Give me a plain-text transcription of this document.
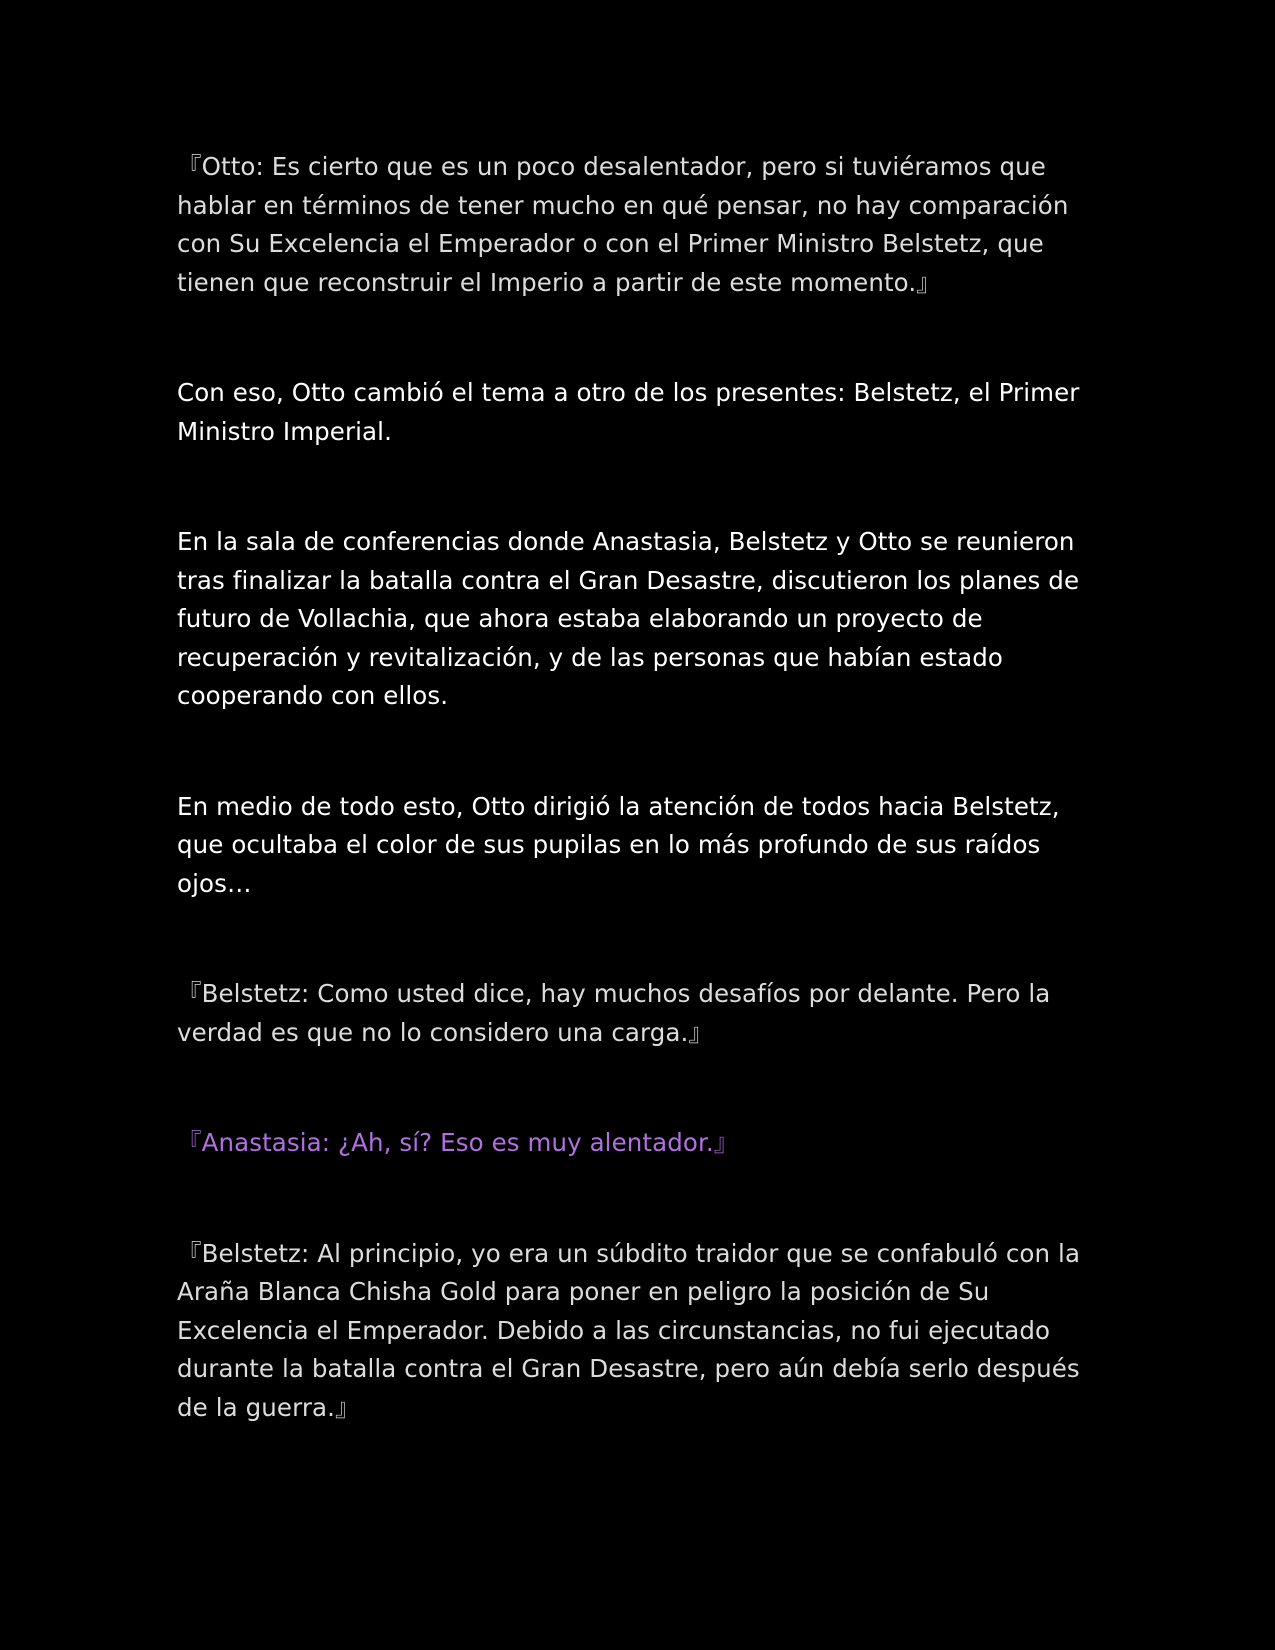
『Otto: Es cierto que es un poco desalentador, pero si tuviéramos que hablar en términos de tener mucho en qué pensar, no hay comparación con Su Excelencia el Emperador o con el Primer Ministro Belstetz, que tienen que reconstruir el Imperio a partir de este momento.』

Con eso, Otto cambió el tema a otro de los presentes: Belstetz, el Primer Ministro Imperial.

En la sala de conferencias donde Anastasia, Belstetz y Otto se reunieron tras finalizar la batalla contra el Gran Desastre, discutieron los planes de futuro de Vollachia, que ahora estaba elaborando un proyecto de recuperación y revitalización, y de las personas que habían estado cooperando con ellos.

En medio de todo esto, Otto dirigió la atención de todos hacia Belstetz, que ocultaba el color de sus pupilas en lo más profundo de sus raídos ojos…

『Belstetz: Como usted dice, hay muchos desafíos por delante. Pero la verdad es que no lo considero una carga.』

『Anastasia: ¿Ah, sí? Eso es muy alentador.』

『Belstetz: Al principio, yo era un súbdito traidor que se confabuló con la Araña Blanca Chisha Gold para poner en peligro la posición de Su Excelencia el Emperador. Debido a las circunstancias, no fui ejecutado durante la batalla contra el Gran Desastre, pero aún debía serlo después de la guerra.』
